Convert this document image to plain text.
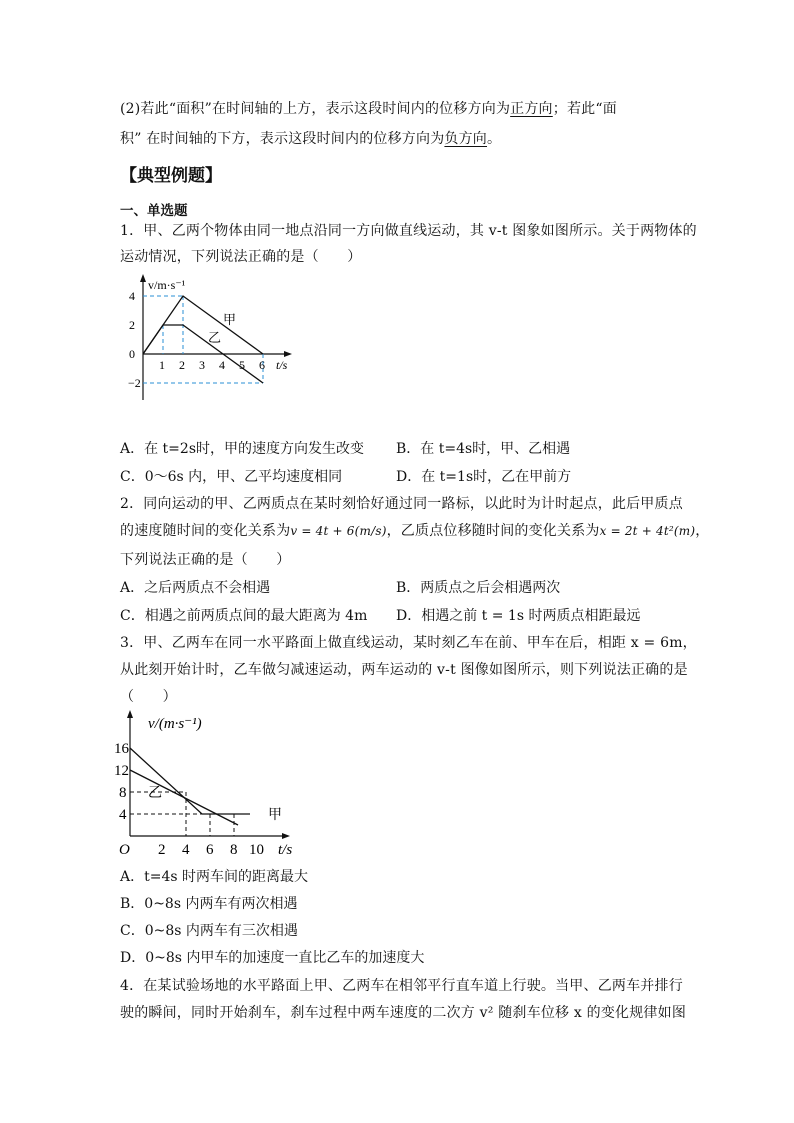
(2)若此“面积”在时间轴的上方，表示这段时间内的位移方向为正方向；若此“面
积” 在时间轴的下方，表示这段时间内的位移方向为负方向。
【典型例题】
一、单选题
1．甲、乙两个物体由同一地点沿同一方向做直线运动，其 v-t 图象如图所示。关于两物体的
运动情况，下列说法正确的是（　　）
v/m·s⁻¹
4
2
0
−2
1 2 3 4 5 6 t/s
甲
乙
A．在 t=2s时，甲的速度方向发生改变 B．在 t=4s时，甲、乙相遇
C．0～6s 内，甲、乙平均速度相同	D．在 t=1s时，乙在甲前方
2．同向运动的甲、乙两质点在某时刻恰好通过同一路标，以此时为计时起点，此后甲质点
的速度随时间的变化关系为v = 4t + 6(m/s)，乙质点位移随时间的变化关系为x = 2t + 4t²(m)，
下列说法正确的是（　　）
A．之后两质点不会相遇	B．两质点之后会相遇两次
C．相遇之前两质点间的最大距离为 4m D．相遇之前 t = 1s 时两质点相距最远
3．甲、乙两车在同一水平路面上做直线运动，某时刻乙车在前、甲车在后，相距 x = 6m，
从此刻开始计时，乙车做匀减速运动，两车运动的 v-t 图像如图所示，则下列说法正确的是
（　　）
v/(m·s⁻¹)
16
12
8
4
O 2 4 6 8 10 t/s
甲
乙
A．t=4s 时两车间的距离最大
B．0~8s 内两车有两次相遇
C．0~8s 内两车有三次相遇
D．0~8s 内甲车的加速度一直比乙车的加速度大
4．在某试验场地的水平路面上甲、乙两车在相邻平行直车道上行驶。当甲、乙两车并排行
驶的瞬间，同时开始刹车，刹车过程中两车速度的二次方 v² 随刹车位移 x 的变化规律如图
